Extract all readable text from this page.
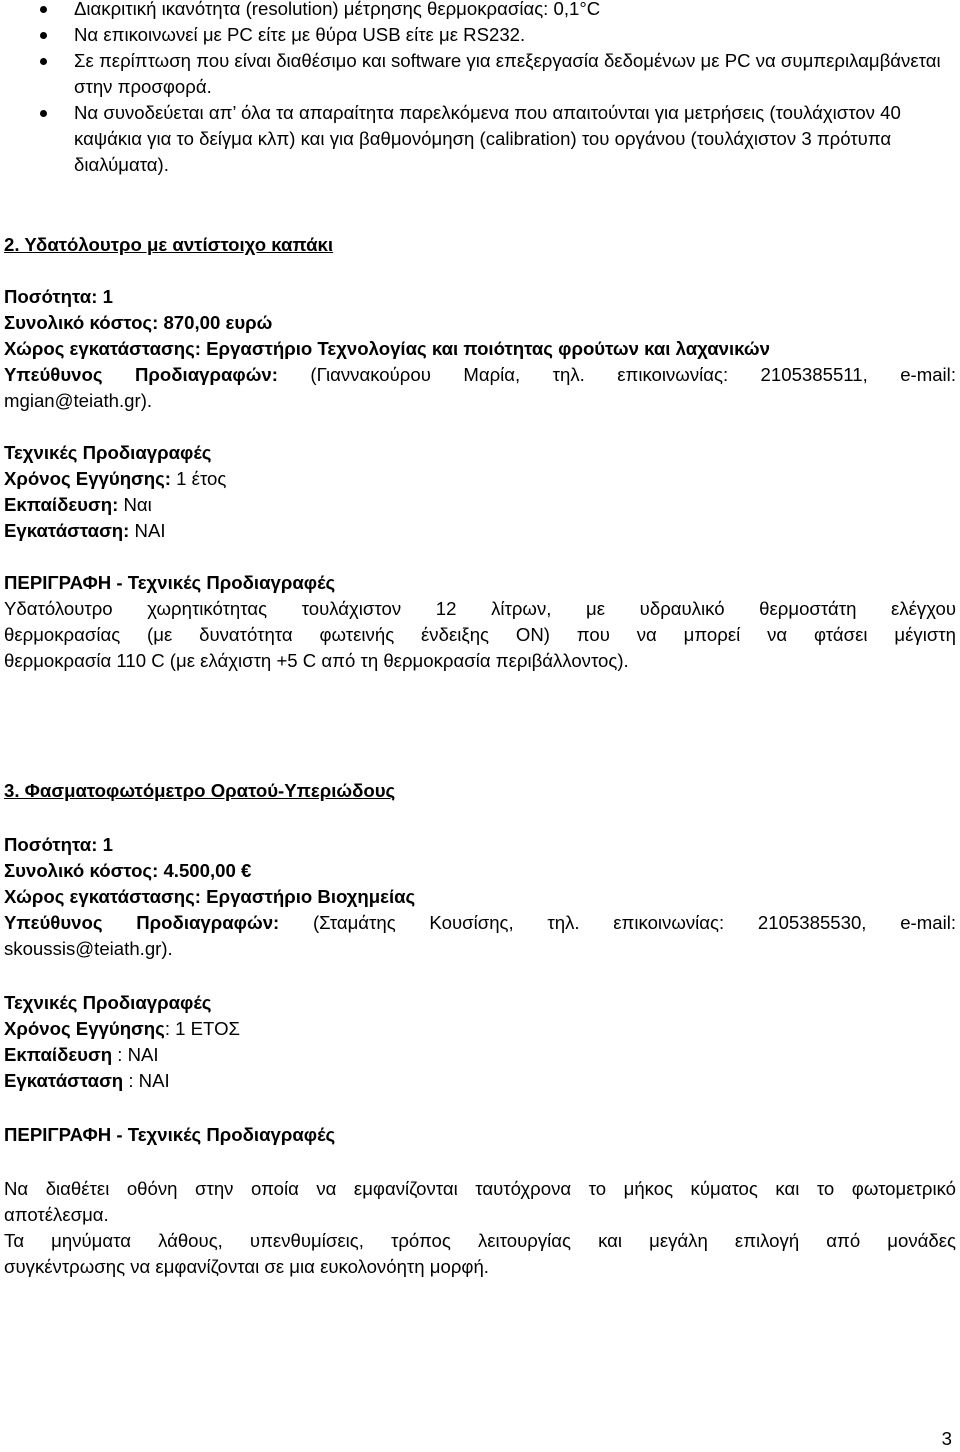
Διακριτική ικανότητα (resolution) μέτρησης θερμοκρασίας: 0,1°C
Να επικοινωνεί με PC είτε με θύρα USB είτε με RS232.
Σε περίπτωση που είναι διαθέσιμο και software για επεξεργασία δεδομένων με PC να συμπεριλαμβάνεται στην προσφορά.
Να συνοδεύεται απ’ όλα τα απαραίτητα παρελκόμενα που απαιτούνται για μετρήσεις (τουλάχιστον 40 καψάκια για το δείγμα κλπ) και για βαθμονόμηση (calibration) του οργάνου (τουλάχιστον 3 πρότυπα διαλύματα).
2. Υδατόλουτρο με αντίστοιχο καπάκι
Ποσότητα: 1
Συνολικό κόστος: 870,00 ευρώ
Χώρος εγκατάστασης: Εργαστήριο Τεχνολογίας και ποιότητας φρούτων και λαχανικών
Υπεύθυνος Προδιαγραφών: (Γιαννακούρου Μαρία, τηλ. επικοινωνίας: 2105385511, e-mail:
mgian@teiath.gr).
Τεχνικές Προδιαγραφές
Χρόνος Εγγύησης: 1 έτος
Εκπαίδευση: Ναι
Εγκατάσταση: ΝΑΙ
ΠΕΡΙΓΡΑΦΗ - Τεχνικές Προδιαγραφές
Υδατόλουτρο χωρητικότητας τουλάχιστον 12 λίτρων, με υδραυλικό θερμοστάτη ελέγχου
θερμοκρασίας (με δυνατότητα φωτεινής ένδειξης ΟΝ) που να μπορεί να φτάσει μέγιστη
θερμοκρασία 110 C (με ελάχιστη +5 C από τη θερμοκρασία περιβάλλοντος).
3. Φασματοφωτόμετρο Ορατού-Υπεριώδους
Ποσότητα: 1
Συνολικό κόστος: 4.500,00 €
Χώρος εγκατάστασης: Εργαστήριο Βιοχημείας
Υπεύθυνος Προδιαγραφών: (Σταμάτης Κουσίσης, τηλ. επικοινωνίας: 2105385530, e-mail:
skoussis@teiath.gr).
Τεχνικές Προδιαγραφές
Χρόνος Εγγύησης: 1 ΕΤΟΣ
Εκπαίδευση : ΝΑΙ
Εγκατάσταση : ΝΑΙ
ΠΕΡΙΓΡΑΦΗ - Τεχνικές Προδιαγραφές
Να διαθέτει οθόνη στην οποία να εμφανίζονται ταυτόχρονα το μήκος κύματος και το φωτομετρικό
αποτέλεσμα.
Τα μηνύματα λάθους, υπενθυμίσεις, τρόπος λειτουργίας και μεγάλη επιλογή από μονάδες
συγκέντρωσης να εμφανίζονται σε μια ευκολονόητη μορφή.
3
